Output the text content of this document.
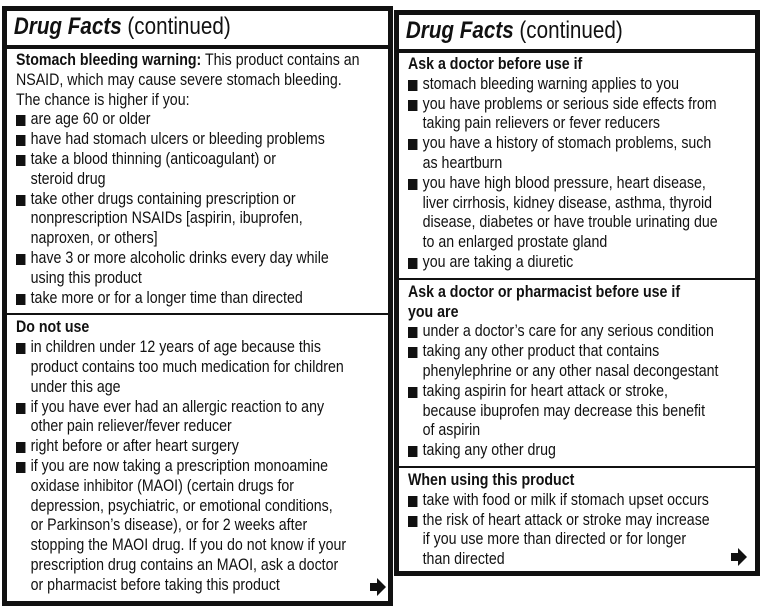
Drug Facts (continued)
Stomach bleeding warning: This product contains an
NSAID, which may cause severe stomach bleeding.
The chance is higher if you:
are age 60 or older
have had stomach ulcers or bleeding problems
take a blood thinning (anticoagulant) or
steroid drug
take other drugs containing prescription or
nonprescription NSAIDs [aspirin, ibuprofen,
naproxen, or others]
have 3 or more alcoholic drinks every day while
using this product
take more or for a longer time than directed
Do not use
in children under 12 years of age because this
product contains too much medication for children
under this age
if you have ever had an allergic reaction to any
other pain reliever/fever reducer
right before or after heart surgery
if you are now taking a prescription monoamine
oxidase inhibitor (MAOI) (certain drugs for
depression, psychiatric, or emotional conditions,
or Parkinson’s disease), or for 2 weeks after
stopping the MAOI drug. If you do not know if your
prescription drug contains an MAOI, ask a doctor
or pharmacist before taking this product
Drug Facts (continued)
Ask a doctor before use if
stomach bleeding warning applies to you
you have problems or serious side effects from
taking pain relievers or fever reducers
you have a history of stomach problems, such
as heartburn
you have high blood pressure, heart disease,
liver cirrhosis, kidney disease, asthma, thyroid
disease, diabetes or have trouble urinating due
to an enlarged prostate gland
you are taking a diuretic
Ask a doctor or pharmacist before use if
you are
under a doctor’s care for any serious condition
taking any other product that contains
phenylephrine or any other nasal decongestant
taking aspirin for heart attack or stroke,
because ibuprofen may decrease this benefit
of aspirin
taking any other drug
When using this product
take with food or milk if stomach upset occurs
the risk of heart attack or stroke may increase
if you use more than directed or for longer
than directed
